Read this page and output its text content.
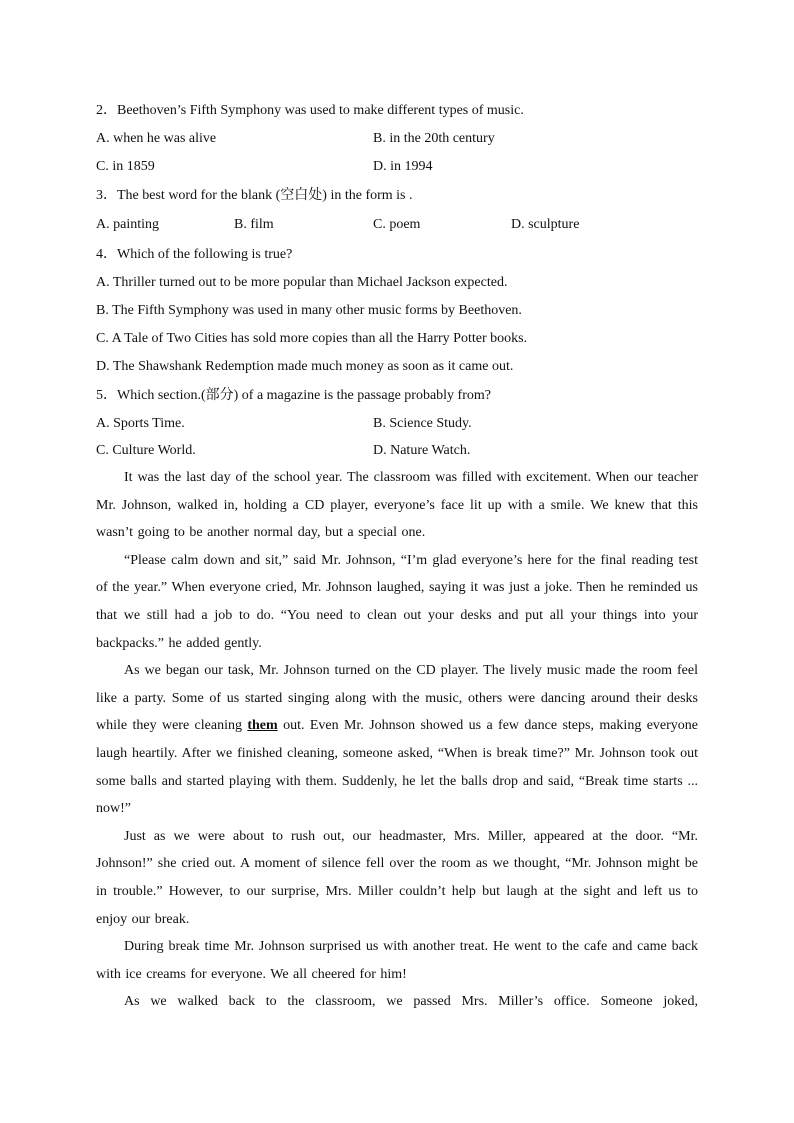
2．Beethoven’s Fifth Symphony was used to make different types of music.
A. when he was alive	B. in the 20th century
C. in 1859	D. in 1994
3．The best word for the blank (空白处) in the form is .
A. painting	B. film	C. poem	D. sculpture
4．Which of the following is true?
A. Thriller turned out to be more popular than Michael Jackson expected.
B. The Fifth Symphony was used in many other music forms by Beethoven.
C. A Tale of Two Cities has sold more copies than all the Harry Potter books.
D. The Shawshank Redemption made much money as soon as it came out.
5．Which section.(部分) of a magazine is the passage probably from?
A. Sports Time.	B. Science Study.
C. Culture World.	D. Nature Watch.

It was the last day of the school year. The classroom was filled with excitement. When our teacher Mr. Johnson, walked in, holding a CD player, everyone’s face lit up with a smile. We knew that this wasn’t going to be another normal day, but a special one.

“Please calm down and sit,” said Mr. Johnson, “I’m glad everyone’s here for the final reading test of the year.” When everyone cried, Mr. Johnson laughed, saying it was just a joke. Then he reminded us that we still had a job to do. “You need to clean out your desks and put all your things into your backpacks.” he added gently.

As we began our task, Mr. Johnson turned on the CD player. The lively music made the room feel like a party. Some of us started singing along with the music, others were dancing around their desks while they were cleaning them out. Even Mr. Johnson showed us a few dance steps, making everyone laugh heartily. After we finished cleaning, someone asked, “When is break time?” Mr. Johnson took out some balls and started playing with them. Suddenly, he let the balls drop and said, “Break time starts ... now!”

Just as we were about to rush out, our headmaster, Mrs. Miller, appeared at the door. “Mr. Johnson!” she cried out. A moment of silence fell over the room as we thought, “Mr. Johnson might be in trouble.” However, to our surprise, Mrs. Miller couldn’t help but laugh at the sight and left us to enjoy our break.

During break time Mr. Johnson surprised us with another treat. He went to the cafe and came back with ice creams for everyone. We all cheered for him!

As we walked back to the classroom, we passed Mrs. Miller’s office. Someone joked,
